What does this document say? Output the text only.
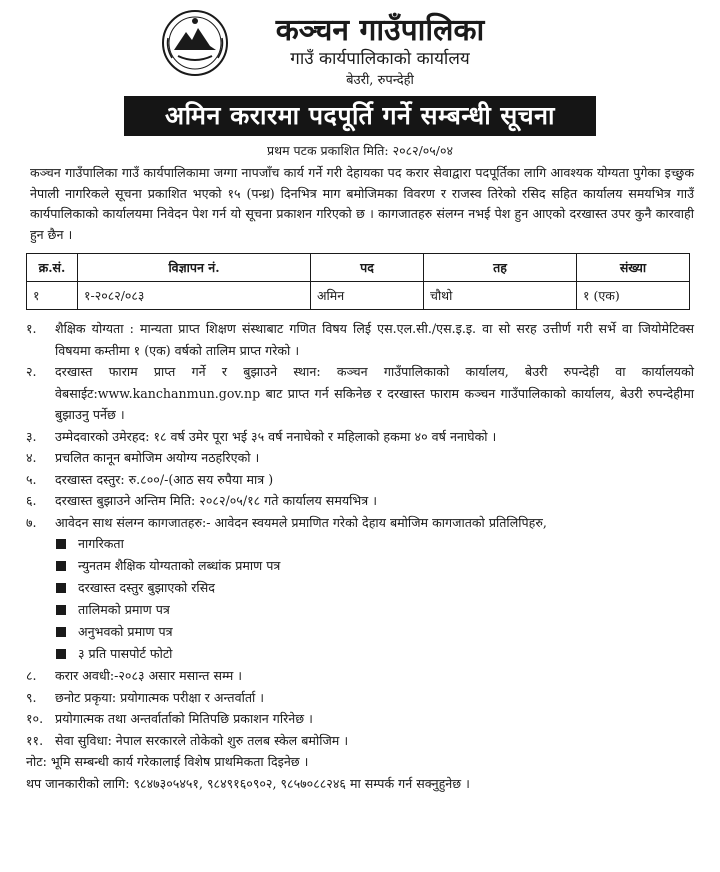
कञ्चन गाउँपालिका
गाउँ कार्यपालिकाको कार्यालय
बेउरी, रुपन्देही
अमिन करारमा पदपूर्ति गर्ने सम्बन्धी सूचना
प्रथम पटक प्रकाशित मिति: २०८२/०५/०४
कञ्चन गाउँपालिका गाउँ कार्यपालिकामा जग्गा नापजाँच कार्य गर्ने गरी देहायका पद करार सेवाद्वारा पदपूर्तिका लागि आवश्यक योग्यता पुगेका इच्छुक नेपाली नागरिकले सूचना प्रकाशित भएको १५ (पन्ध्र) दिनभित्र माग बमोजिमका विवरण र राजस्व तिरेको रसिद सहित कार्यालय समयभित्र गाउँ कार्यपालिकाको कार्यालयमा निवेदन पेश गर्न यो सूचना प्रकाशन गरिएको छ । कागजातहरु संलग्न नभई पेश हुन आएको दरखास्त उपर कुनै कारवाही हुन छैन ।
क्र.सं.	विज्ञापन नं.	पद	तह	संख्या
१	१-२०८२/०८३	अमिन	चौथो	१ (एक)
१.	शैक्षिक योग्यता : मान्यता प्राप्त शिक्षण संस्थाबाट गणित विषय लिई एस.एल.सी./एस.इ.इ. वा सो सरह उत्तीर्ण गरी सर्भे वा जियोमेटिक्स विषयमा कम्तीमा १ (एक) वर्षको तालिम प्राप्त गरेको ।
२.	दरखास्त फाराम प्राप्त गर्ने र बुझाउने स्थान: कञ्चन गाउँपालिकाको कार्यालय, बेउरी रुपन्देही वा कार्यालयको वेबसाईट:www.kanchanmun.gov.np बाट प्राप्त गर्न सकिनेछ र दरखास्त फाराम कञ्चन गाउँपालिकाको कार्यालय, बेउरी रुपन्देहीमा बुझाउनु पर्नेछ ।
३.	उम्मेदवारको उमेरहद: १८ वर्ष उमेर पूरा भई ३५ वर्ष ननाघेको र महिलाको हकमा ४० वर्ष ननाघेको ।
४.	प्रचलित कानून बमोजिम अयोग्य नठहरिएको ।
५.	दरखास्त दस्तुर: रु.८००/-(आठ सय रुपैया मात्र )
६.	दरखास्त बुझाउने अन्तिम मिति: २०८२/०५/१८ गते कार्यालय समयभित्र ।
७.	आवेदन साथ संलग्न कागजातहरु:- आवेदन स्वयमले प्रमाणित गरेको देहाय बमोजिम कागजातको प्रतिलिपिहरु,
नागरिकता
न्युनतम शैक्षिक योग्यताको लब्धांक प्रमाण पत्र
दरखास्त दस्तुर बुझाएको रसिद
तालिमको प्रमाण पत्र
अनुभवको प्रमाण पत्र
३ प्रति पासपोर्ट फोटो
८.	करार अवधी:-२०८३ असार मसान्त सम्म ।
९.	छनोट प्रकृया: प्रयोगात्मक परीक्षा र अन्तर्वार्ता ।
१०. प्रयोगात्मक तथा अन्तर्वार्ताको मितिपछि प्रकाशन गरिनेछ ।
११. सेवा सुविधा: नेपाल सरकारले तोकेको शुरु तलब स्केल बमोजिम ।
नोट: भूमि सम्बन्धी कार्य गरेकालाई विशेष प्राथमिकता दिइनेछ ।
थप जानकारीको लागि: ९८४७३०५४५१, ९८४९१६०९०२, ९८५७०८८२४६ मा सम्पर्क गर्न सक्नुहुनेछ ।
